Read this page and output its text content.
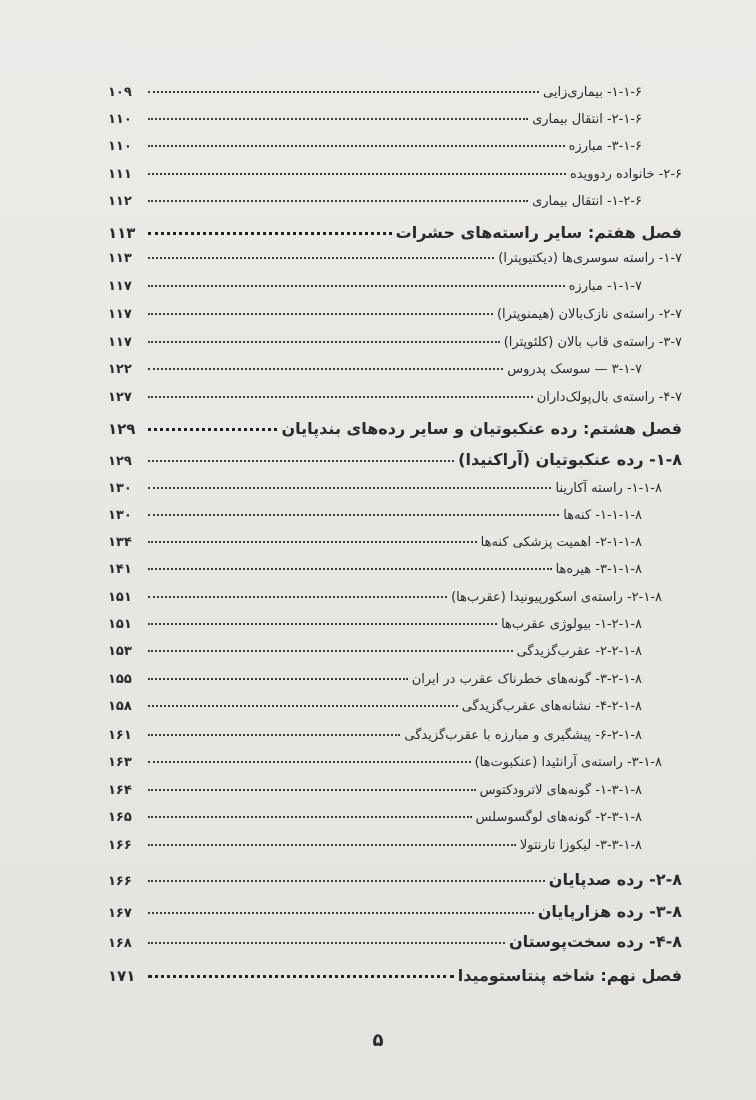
۱-۱-۶- بیماری‌زایی
۱۰۹
۲-۱-۶- انتقال بیماری
۱۱۰
۳-۱-۶- مبارزه
۱۱۰
۲-۶- خانواده ردوویده
۱۱۱
۱-۲-۶- انتقال بیماری
۱۱۲
فصل هفتم: سایر راسته‌های حشرات
۱۱۳
۱-۷- راسته سوسری‌ها (دیکتیوپترا)
۱۱۳
۱-۱-۷- مبارزه
۱۱۷
۲-۷- راسته‌ی نازک‌بالان (هیمنوپترا)
۱۱۷
۳-۷- راسته‌ی قاب بالان (کلئوپترا)
۱۱۷
۳-۱-۷ — سوسک پدروس
۱۲۲
۴-۷- راسته‌ی بال‌پولک‌داران
۱۲۷
فصل هشتم: رده عنکبوتیان و سایر رده‌های بندپایان
۱۲۹
۱-۸- رده عنکبوتیان (آراکنیدا)
۱۲۹
۱-۱-۸- راسته آکارینا
۱۳۰
۱-۱-۱-۸- کنه‌ها
۱۳۰
۲-۱-۱-۸- اهمیت پزشکی کنه‌ها
۱۳۴
۳-۱-۱-۸- هیره‌ها
۱۴۱
۲-۱-۸- راسته‌ی اسکورپیونیدا (عقرب‌ها)
۱۵۱
۱-۲-۱-۸- بیولوژی عقرب‌ها
۱۵۱
۲-۲-۱-۸- عقرب‌گزیدگی
۱۵۳
۳-۲-۱-۸- گونه‌های خطرناک عقرب در ایران
۱۵۵
۴-۲-۱-۸- نشانه‌های عقرب‌گزیدگی
۱۵۸
۶-۲-۱-۸- پیشگیری و مبارزه با عقرب‌گزیدگی
۱۶۱
۳-۱-۸- راسته‌ی آرانئیدا (عنکبوت‌ها)
۱۶۳
۱-۳-۱-۸- گونه‌های لاترودکتوس
۱۶۴
۲-۳-۱-۸- گونه‌های لوگسوسلس
۱۶۵
۳-۳-۱-۸- لیکوزا تارنتولا
۱۶۶
۲-۸- رده صدپایان
۱۶۶
۳-۸- رده هزارپایان
۱۶۷
۴-۸- رده سخت‌پوستان
۱۶۸
فصل نهم: شاخه پنتاستومیدا
۱۷۱
۵
